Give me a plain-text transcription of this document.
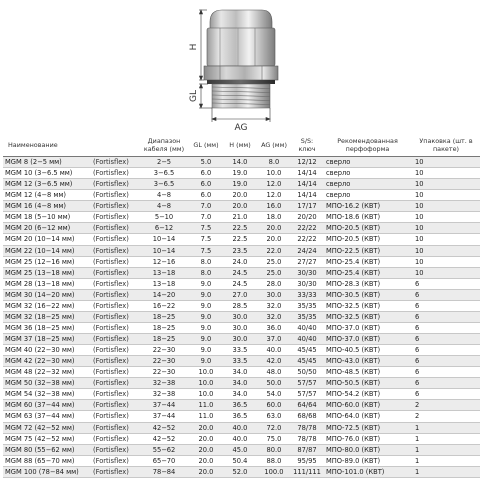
H
GL
AG
Наименование	Диапазон кабеля (мм)	GL (мм)	H (мм)	AG (мм)	S/S: ключ	Рекомендованная перфоформа	Упаковка (шт. в пакете)
MGM 8 (2−5 мм) (Fortisflex)	2−5	5.0	14.0	8.0	12/12	сверло	10
MGM 10 (3−6.5 мм) (Fortisflex)	3−6.5	6.0	19.0	10.0	14/14	сверло	10
MGM 12 (3−6.5 мм) (Fortisflex)	3−6.5	6.0	19.0	12.0	14/14	сверло	10
MGM 12 (4−8 мм) (Fortisflex)	4−8	6.0	20.0	12.0	14/14	сверло	10
MGM 16 (4−8 мм) (Fortisflex)	4−8	7.0	20.0	16.0	17/17	МПО-16.2 (КВТ)	10
MGM 18 (5−10 мм) (Fortisflex)	5−10	7.0	21.0	18.0	20/20	МПО-18.6 (КВТ)	10
MGM 20 (6−12 мм) (Fortisflex)	6−12	7.5	22.5	20.0	22/22	МПО-20.5 (КВТ)	10
MGM 20 (10−14 мм) (Fortisflex)	10−14	7.5	22.5	20.0	22/22	МПО-20.5 (КВТ)	10
MGM 22 (10−14 мм) (Fortisflex)	10−14	7.5	23.5	22.0	24/24	МПО-22.5 (КВТ)	10
MGM 25 (12−16 мм) (Fortisflex)	12−16	8.0	24.0	25.0	27/27	МПО-25.4 (КВТ)	10
MGM 25 (13−18 мм) (Fortisflex)	13−18	8.0	24.5	25.0	30/30	МПО-25.4 (КВТ)	10
MGM 28 (13−18 мм) (Fortisflex)	13−18	9.0	24.5	28.0	30/30	МПО-28.3 (КВТ)	6
MGM 30 (14−20 мм) (Fortisflex)	14−20	9.0	27.0	30.0	33/33	МПО-30.5 (КВТ)	6
MGM 32 (16−22 мм) (Fortisflex)	16−22	9.0	28.5	32.0	35/35	МПО-32.5 (КВТ)	6
MGM 32 (18−25 мм) (Fortisflex)	18−25	9.0	30.0	32.0	35/35	МПО-32.5 (КВТ)	6
MGM 36 (18−25 мм) (Fortisflex)	18−25	9.0	30.0	36.0	40/40	МПО-37.0 (КВТ)	6
MGM 37 (18−25 мм) (Fortisflex)	18−25	9.0	30.0	37.0	40/40	МПО-37.0 (КВТ)	6
MGM 40 (22−30 мм) (Fortisflex)	22−30	9.0	33.5	40.0	45/45	МПО-40.5 (КВТ)	6
MGM 42 (22−30 мм) (Fortisflex)	22−30	9.0	33.5	42.0	45/45	МПО-43.0 (КВТ)	6
MGM 48 (22−32 мм) (Fortisflex)	22−30	10.0	34.0	48.0	50/50	МПО-48.5 (КВТ)	6
MGM 50 (32−38 мм) (Fortisflex)	32−38	10.0	34.0	50.0	57/57	МПО-50.5 (КВТ)	6
MGM 54 (32−38 мм) (Fortisflex)	32−38	10.0	34.0	54.0	57/57	МПО-54.2 (КВТ)	6
MGM 60 (37−44 мм) (Fortisflex)	37−44	11.0	36.5	60.0	64/64	МПО-60.0 (КВТ)	2
MGM 63 (37−44 мм) (Fortisflex)	37−44	11.0	36.5	63.0	68/68	МПО-64.0 (КВТ)	2
MGM 72 (42−52 мм) (Fortisflex)	42−52	20.0	40.0	72.0	78/78	МПО-72.5 (КВТ)	1
MGM 75 (42−52 мм) (Fortisflex)	42−52	20.0	40.0	75.0	78/78	МПО-76.0 (КВТ)	1
MGM 80 (55−62 мм) (Fortisflex)	55−62	20.0	45.0	80.0	87/87	МПО-80.0 (КВТ)	1
MGM 88 (65−70 мм) (Fortisflex)	65−70	20.0	50.4	88.0	95/95	МПО-89.0 (КВТ)	1
MGM 100 (78−84 мм) (Fortisflex)	78−84	20.0	52.0	100.0	111/111	МПО-101.0 (КВТ)	1
